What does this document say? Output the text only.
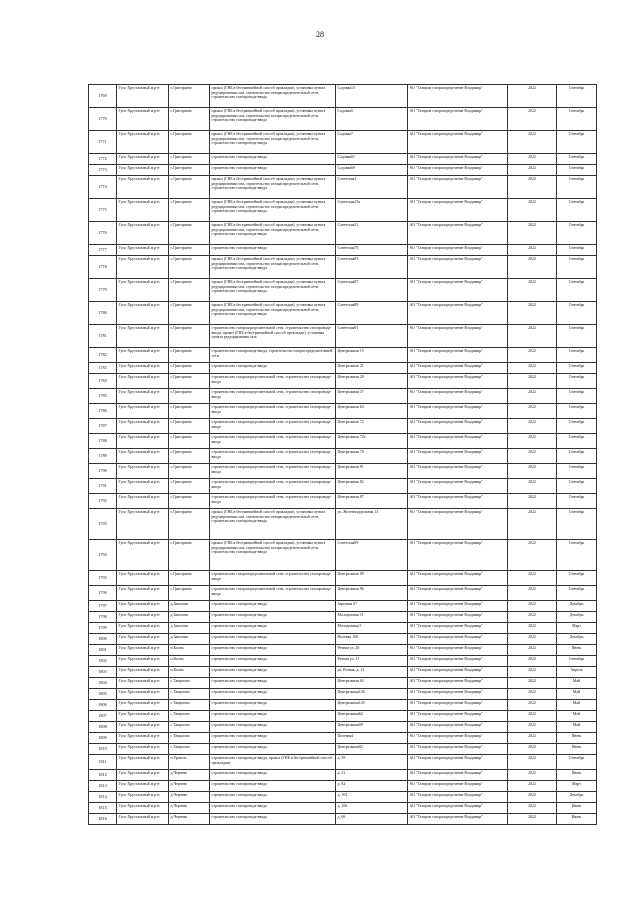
28
1769	Гусь-Хрустальный м.р-н	с.Григорьево	прокол (ГНБ в бестраншейной способ прокладки), установка пункта редуцирования газа, строительство газораспределительной сети, строительство газопровода-ввода	Садовая13	АО "Газпром газораспределение Владимир"	2022	Сентябрь
1770	Гусь-Хрустальный м.р-н	с.Григорьево	прокол (ГНБ в бестраншейной способ прокладки), установка пункта редуцирования газа, строительство газораспределительной сети, строительство газопровода-ввода	Садовая5	АО "Газпром газораспределение Владимир"	2022	Сентябрь
1771	Гусь-Хрустальный м.р-н	с.Григорьево	прокол (ГНБ в бестраншейной способ прокладки), установка пункта редуцирования газа, строительство газораспределительной сети, строительство газопровода-ввода	Садовая7	АО "Газпром газораспределение Владимир"	2022	Сентябрь
1772	Гусь-Хрустальный м.р-н	с.Григорьево	строительство газопровода-ввода	Садовая81	АО "Газпром газораспределение Владимир"	2022	Сентябрь
1773	Гусь-Хрустальный м.р-н	с.Григорьево	строительство газопровода-ввода	Садовая69	АО "Газпром газораспределение Владимир"	2022	Сентябрь
1774	Гусь-Хрустальный м.р-н	с.Григорьево	прокол (ГНБ в бестраншейной способ прокладки), установка пункта редуцирования газа, строительство газораспределительной сети, строительство газопровода-ввода	Советская1	АО "Газпром газораспределение Владимир"	2022	Сентябрь
1775	Гусь-Хрустальный м.р-н	с.Григорьево	прокол (ГНБ в бестраншейной способ прокладки), установка пункта редуцирования газа, строительство газораспределительной сети, строительство газопровода-ввода	Советская15а	АО "Газпром газораспределение Владимир"	2022	Сентябрь
1776	Гусь-Хрустальный м.р-н	с.Григорьево	прокол (ГНБ в бестраншейной способ прокладки), установка пункта редуцирования газа, строительство газораспределительной сети, строительство газопровода-ввода	Советская51	АО "Газпром газораспределение Владимир"	2022	Сентябрь
1777	Гусь-Хрустальный м.р-н	с.Григорьево	строительство газопровода-ввода	Советская79	АО "Газпром газораспределение Владимир"	2022	Сентябрь
1778	Гусь-Хрустальный м.р-н	с.Григорьево	прокол (ГНБ в бестраншейной способ прокладки), установка пункта редуцирования газа, строительство газораспределительной сети, строительство газопровода-ввода	Советская83	АО "Газпром газораспределение Владимир"	2022	Сентябрь
1779	Гусь-Хрустальный м.р-н	с.Григорьево	прокол (ГНБ в бестраншейной способ прокладки), установка пункта редуцирования газа, строительство газораспределительной сети, строительство газопровода-ввода	Советская87	АО "Газпром газораспределение Владимир"	2022	Сентябрь
1780	Гусь-Хрустальный м.р-н	с.Григорьево	прокол (ГНБ в бестраншейной способ прокладки), установка пункта редуцирования газа, строительство газораспределительной сети, строительство газопровода-ввода	Советская89	АО "Газпром газораспределение Владимир"	2022	Сентябрь
1781	Гусь-Хрустальный м.р-н	с.Григорьево	строительство газораспределительной сети, строительство газопровода-ввода, прокол (ГНБ в бестраншейной способ прокладки), установка пункта редуцирования газа	Советская91	АО "Газпром газораспределение Владимир"	2022	Сентябрь
1782	Гусь-Хрустальный м.р-н	с.Григорьево	строительство газопровода-ввода, строительство газораспределительной сети	Центральная 15	АО "Газпром газораспределение Владимир"	2022	Сентябрь
1783	Гусь-Хрустальный м.р-н	с.Григорьево	строительство газопровода-ввода	Центральная 21	АО "Газпром газораспределение Владимир"	2022	Сентябрь
1784	Гусь-Хрустальный м.р-н	с.Григорьево	строительство газораспределительной сети, строительство газопровода-ввода	Центральная 29	АО "Газпром газораспределение Владимир"	2022	Сентябрь
1785	Гусь-Хрустальный м.р-н	с.Григорьево	строительство газораспределительной сети, строительство газопровода-ввода	Центральная 37	АО "Газпром газораспределение Владимир"	2022	Сентябрь
1786	Гусь-Хрустальный м.р-н	с.Григорьево	строительство газораспределительной сети, строительство газопровода-ввода	Центральная 63	АО "Газпром газораспределение Владимир"	2022	Сентябрь
1787	Гусь-Хрустальный м.р-н	с.Григорьево	строительство газораспределительной сети, строительство газопровода-ввода	Центральная 72	АО "Газпром газораспределение Владимир"	2022	Сентябрь
1788	Гусь-Хрустальный м.р-н	с.Григорьево	строительство газораспределительной сети, строительство газопровода-ввода	Центральная 72а	АО "Газпром газораспределение Владимир"	2022	Сентябрь
1789	Гусь-Хрустальный м.р-н	с.Григорьево	строительство газораспределительной сети, строительство газопровода-ввода	Центральная 78	АО "Газпром газораспределение Владимир"	2022	Сентябрь
1790	Гусь-Хрустальный м.р-н	с.Григорьево	строительство газораспределительной сети, строительство газопровода-ввода	Центральная 81	АО "Газпром газораспределение Владимир"	2022	Сентябрь
1791	Гусь-Хрустальный м.р-н	с.Григорьево	строительство газораспределительной сети, строительство газопровода-ввода	Центральная 82	АО "Газпром газораспределение Владимир"	2022	Сентябрь
1792	Гусь-Хрустальный м.р-н	с.Григорьево	строительство газораспределительной сети, строительство газопровода-ввода	Центральная 87	АО "Газпром газораспределение Владимир"	2022	Сентябрь
1793	Гусь-Хрустальный м.р-н	с.Григорьево	прокол (ГНБ в бестраншейной способ прокладки), установка пункта редуцирования газа, строительство газораспределительной сети, строительство газопровода-ввода	ул. Железнодорожная 13	АО "Газпром газораспределение Владимир"	2022	Сентябрь
1794	Гусь-Хрустальный м.р-н	с.Григорьево	прокол (ГНБ в бестраншейной способ прокладки), установка пункта редуцирования газа, строительство газораспределительной сети, строительство газопровода-ввода	Советская99	АО "Газпром газораспределение Владимир"	2022	Сентябрь
1795	Гусь-Хрустальный м.р-н	с.Григорьево	строительство газораспределительной сети, строительство газопровода-ввода	Центральная 89	АО "Газпром газораспределение Владимир"	2022	Сентябрь
1796	Гусь-Хрустальный м.р-н	с.Григорьево	строительство газораспределительной сети, строительство газопровода-ввода	Центральная 96	АО "Газпром газораспределение Владимир"	2022	Сентябрь
1797	Гусь-Хрустальный м.р-н	д.Заколпье	строительство газопровода-ввода	Заречная 67	АО "Газпром газораспределение Владимир"	2022	Декабрь
1798	Гусь-Хрустальный м.р-н	д.Заколпье	строительство газопровода-ввода	Молодежная 31	АО "Газпром газораспределение Владимир"	2022	Декабрь
1799	Гусь-Хрустальный м.р-н	д.Заколпье	строительство газопровода-ввода	Молодежная 5	АО "Газпром газораспределение Владимир"	2022	Март
1800	Гусь-Хрустальный м.р-н	д.Заколпье	строительство газопровода-ввода	Полевая 100	АО "Газпром газораспределение Владимир"	2022	Декабрь
1801	Гусь-Хрустальный м.р-н	п.Колпь	строительство газопровода-ввода	Речная ул, 28	АО "Газпром газораспределение Владимир"	2022	Июнь
1802	Гусь-Хрустальный м.р-н	п.Колпь	строительство газопровода-ввода	Речная ул, 31	АО "Газпром газораспределение Владимир"	2022	Сентябрь
1803	Гусь-Хрустальный м.р-н	п.Колпь	строительство газопровода-ввода	ул. Речная, д. 12	АО "Газпром газораспределение Владимир"	2022	Апрель
1804	Гусь-Хрустальный м.р-н	с.Тащилово	строительство газопровода-ввода	Центральная 63	АО "Газпром газораспределение Владимир"	2022	Май
1805	Гусь-Хрустальный м.р-н	с.Тащилово	строительство газопровода-ввода	Центральная126	АО "Газпром газораспределение Владимир"	2022	Май
1806	Гусь-Хрустальный м.р-н	с.Тащилово	строительство газопровода-ввода	Центральная129	АО "Газпром газораспределение Владимир"	2022	Май
1807	Гусь-Хрустальный м.р-н	с.Тащилово	строительство газопровода-ввода	Центральная62	АО "Газпром газораспределение Владимир"	2022	Май
1808	Гусь-Хрустальный м.р-н	с.Тащилово	строительство газопровода-ввода	Центральная99	АО "Газпром газораспределение Владимир"	2022	Май
1809	Гусь-Хрустальный м.р-н	с.Тащилово	строительство газопровода-ввода	Полевая4	АО "Газпром газораспределение Владимир"	2022	Июнь
1810	Гусь-Хрустальный м.р-н	с.Тащилово	строительство газопровода-ввода	Центральная82	АО "Газпром газораспределение Владимир"	2022	Июнь
1811	Гусь-Хрустальный м.р-н	п.Уршель	строительство газопровода-ввода, прокол (ГНБ в бестраншейной способ прокладки)	д. 59	АО "Газпром газораспределение Владимир"	2022	Сентябрь
1812	Гусь-Хрустальный м.р-н	д.Чернево	строительство газопровода-ввода	д. 51	АО "Газпром газораспределение Владимир"	2022	Июнь
1813	Гусь-Хрустальный м.р-н	д.Чернево	строительство газопровода-ввода	д. 82	АО "Газпром газораспределение Владимир"	2022	Март
1814	Гусь-Хрустальный м.р-н	д.Чернево	строительство газопровода-ввода	д. 102	АО "Газпром газораспределение Владимир"	2022	Декабрь
1815	Гусь-Хрустальный м.р-н	д.Чернево	строительство газопровода-ввода	д. 106	АО "Газпром газораспределение Владимир"	2022	Июнь
1816	Гусь-Хрустальный м.р-н	д.Чернево	строительство газопровода-ввода	д. 66	АО "Газпром газораспределение Владимир"	2022	Июнь
